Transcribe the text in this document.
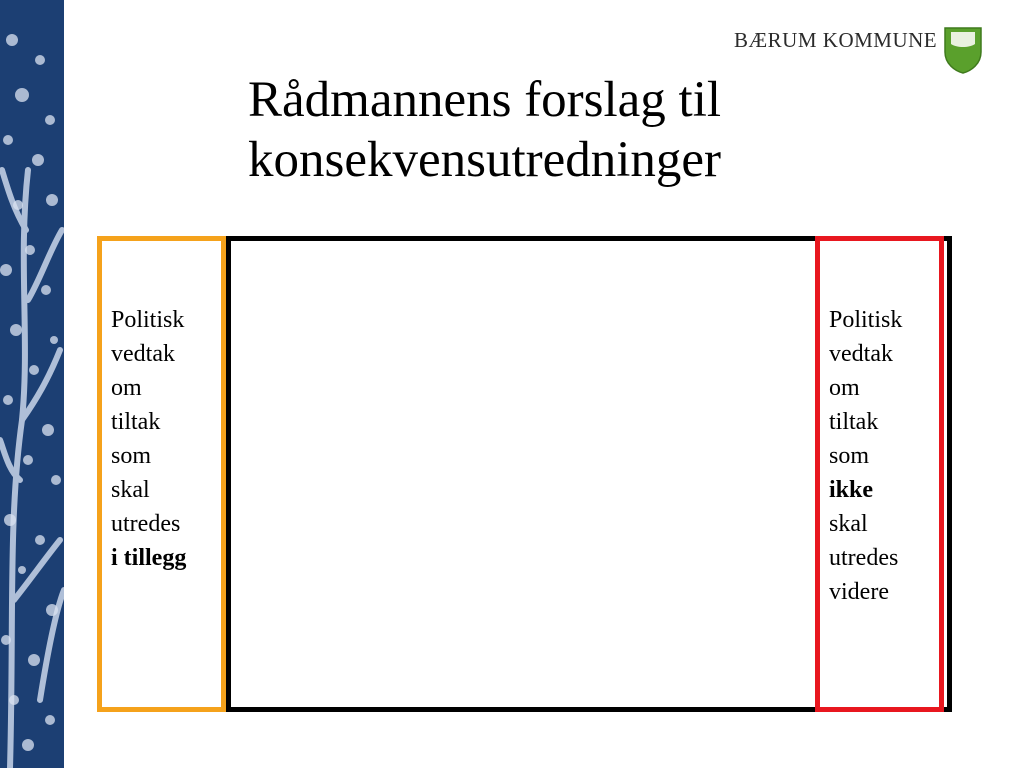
BÆRUM KOMMUNE
Rådmannens forslag til
konsekvensutredninger
Politisk
vedtak
om
tiltak
som
skal
utredes
i tillegg
Politisk
vedtak
om
tiltak
som
ikke
skal
utredes
videre
